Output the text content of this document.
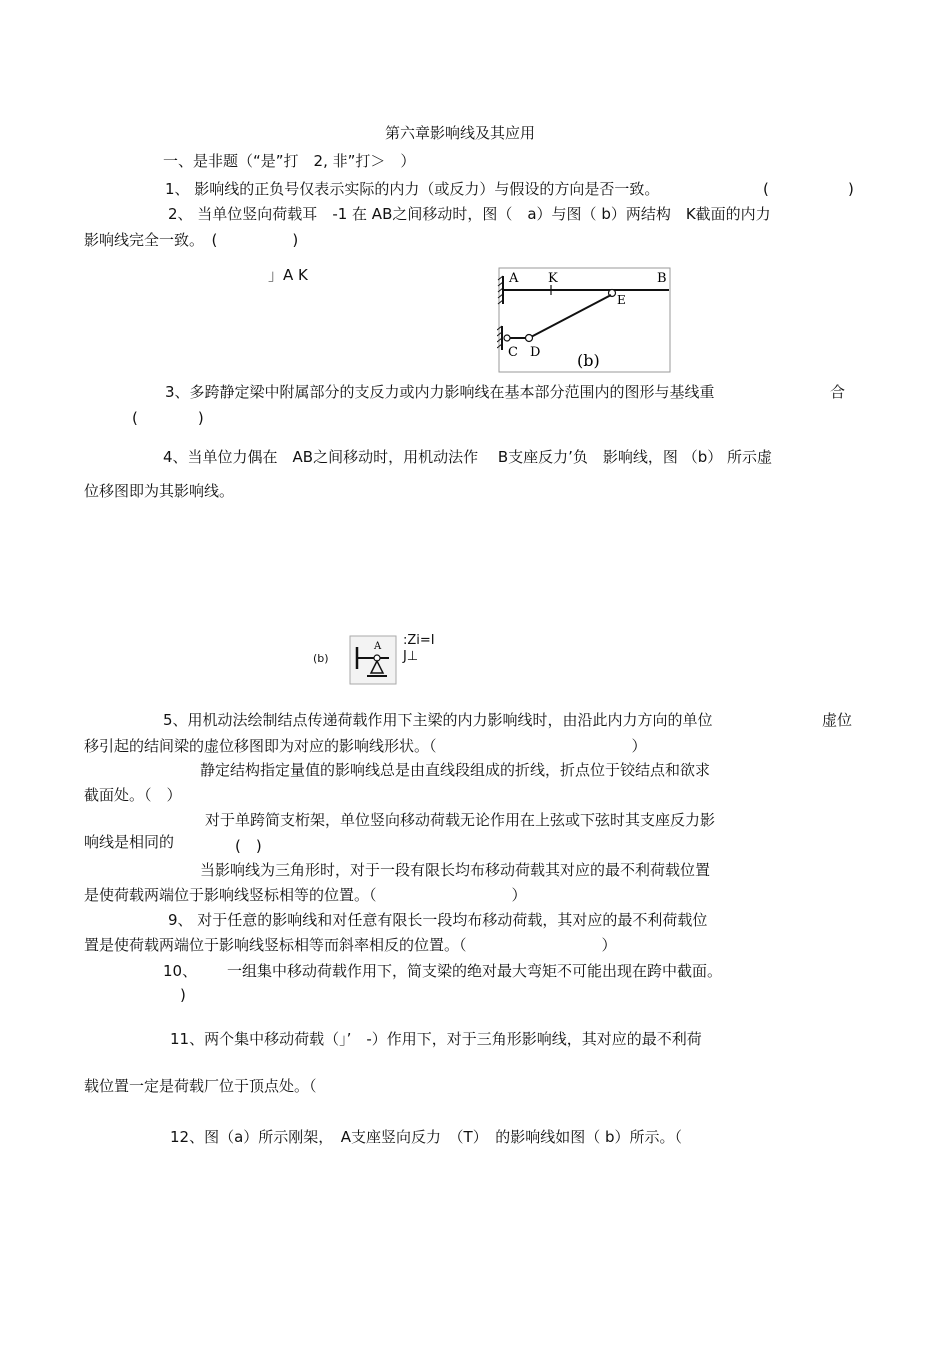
第六章影响线及其应用
一、是非题（“是”打　2, 非”打＞　）
1、 影响线的正负号仅表示实际的内力（或反力）与假设的方向是否一致。	(	)
2、 当单位竖向荷载耳　-1 在 AB之间移动时，图（　a）与图（ b）两结构　K截面的内力
影响线完全一致。　(　　　　　)
」A K	A K	B
E
C D (b)
3、多跨静定梁中附属部分的支反力或内力影响线在基本部分范围内的图形与基线重	合
(　　　　)
4、当单位力偶在　AB之间移动时，用机动法作　 B支座反力’负　影响线，图 （b） 所示虚
位移图即为其影响线。
(b)
A :Zi=I
J⊥
5、用机动法绘制结点传递荷载作用下主梁的内力影响线时，由沿此内力方向的单位	虚位
移引起的结间梁的虚位移图即为对应的影响线形状。（　　　　　　　　　　　　　）
静定结构指定量值的影响线总是由直线段组成的折线，折点位于铰结点和欲求
截面处。（　）
对于单跨简支桁架，单位竖向移动荷载无论作用在上弦或下弦时其支座反力影
响线是相同的	(　)
当影响线为三角形时，对于一段有限长均布移动荷载其对应的最不利荷载位置
是使荷载两端位于影响线竖标相等的位置。（　　　　　　　　　）
9、 对于任意的影响线和对任意有限长一段均布移动荷载，其对应的最不利荷载位
置是使荷载两端位于影响线竖标相等而斜率相反的位置。（　　　　　　　　　）
10、 一组集中移动荷载作用下，简支梁的绝对最大弯矩不可能出现在跨中截面。
)
11、两个集中移动荷载（」’　-）作用下，对于三角形影响线，其对应的最不利荷
载位置一定是荷载厂位于顶点处。（
12、图（a）所示刚架，　A支座竖向反力　（T）　的影响线如图（ b）所示。（
